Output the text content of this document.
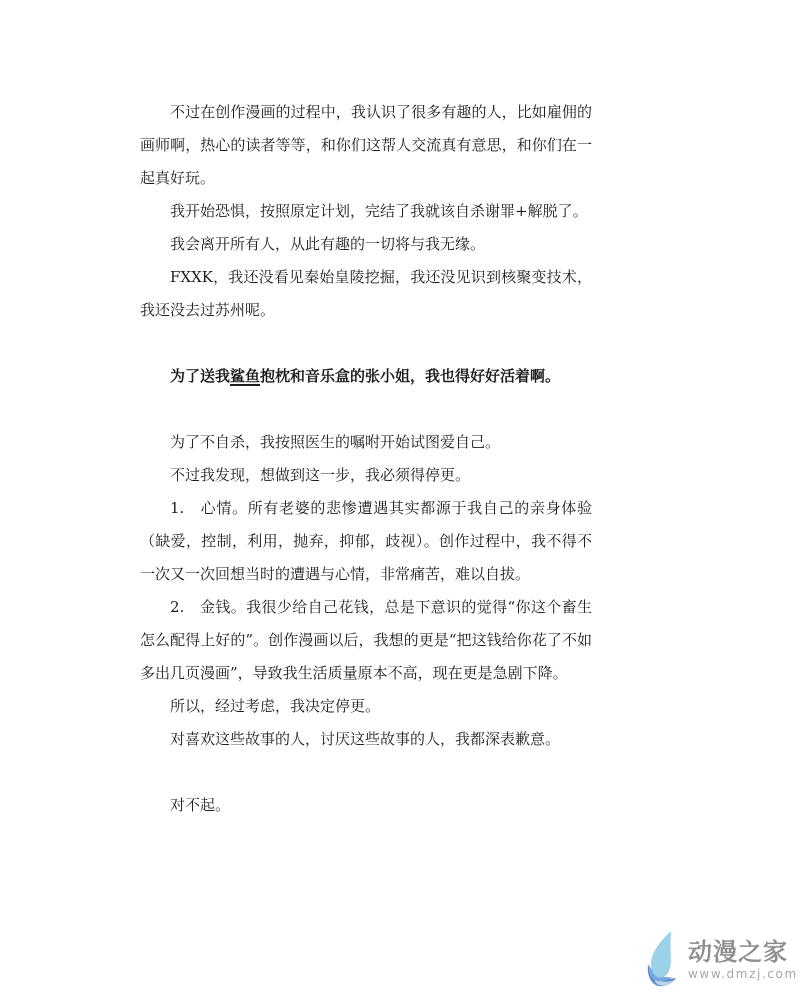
不过在创作漫画的过程中，我认识了很多有趣的人，比如雇佣的画师啊，热心的读者等等，和你们这帮人交流真有意思，和你们在一起真好玩。

我开始恐惧，按照原定计划，完结了我就该自杀谢罪+解脱了。

我会离开所有人，从此有趣的一切将与我无缘。

FXXK，我还没看见秦始皇陵挖掘，我还没见识到核聚变技术，我还没去过苏州呢。

为了送我鲨鱼抱枕和音乐盒的张小姐，我也得好好活着啊。

为了不自杀，我按照医生的嘱咐开始试图爱自己。

不过我发现，想做到这一步，我必须得停更。

1.　心情。所有老婆的悲惨遭遇其实都源于我自己的亲身体验（缺爱，控制，利用，抛弃，抑郁，歧视）。创作过程中，我不得不一次又一次回想当时的遭遇与心情，非常痛苦，难以自拔。

2.　金钱。我很少给自己花钱，总是下意识的觉得“你这个畜生怎么配得上好的”。创作漫画以后，我想的更是“把这钱给你花了不如多出几页漫画”，导致我生活质量原本不高，现在更是急剧下降。

所以，经过考虑，我决定停更。

对喜欢这些故事的人，讨厌这些故事的人，我都深表歉意。

对不起。

动漫之家
www.dmzj.com
